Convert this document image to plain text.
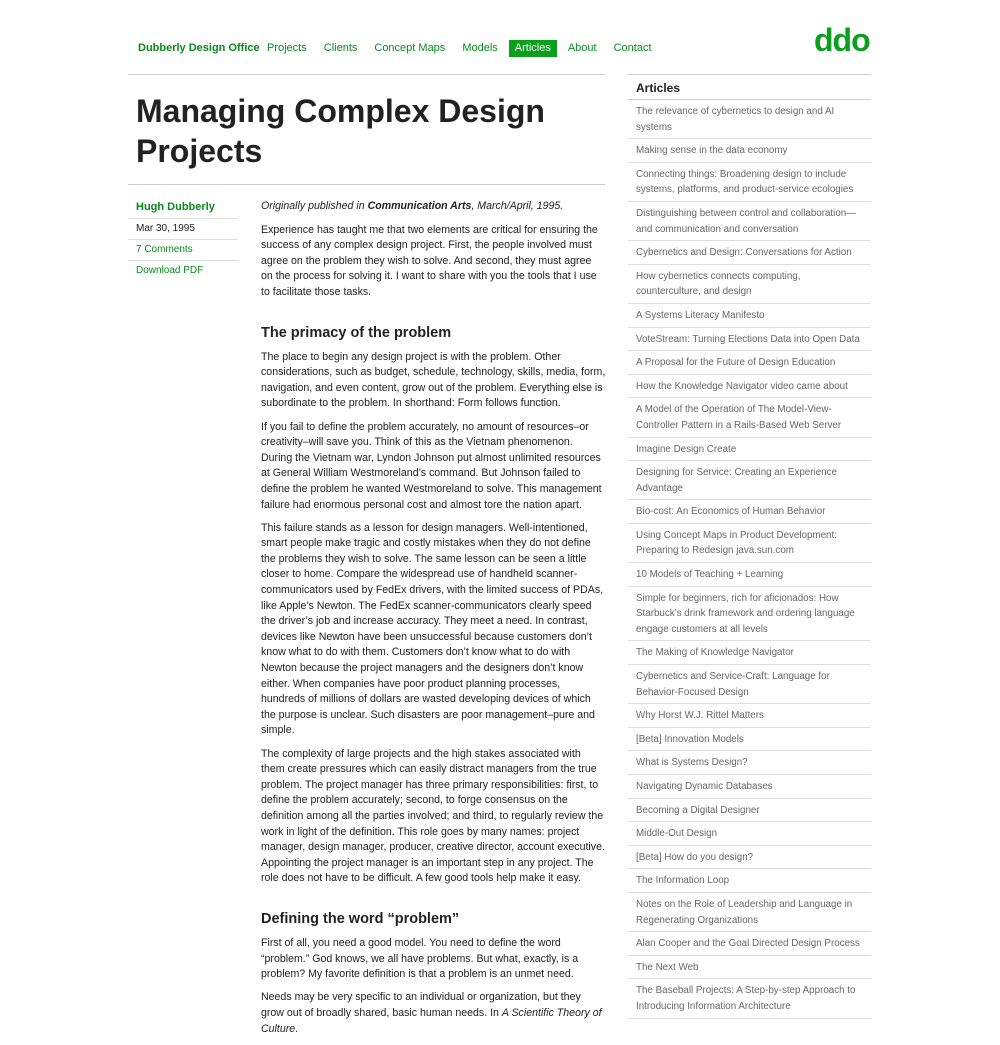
Dubberly Design Office Projects	Clients	Concept Maps	Models	Articles	About	Contact	ddo
Managing Complex Design Projects
Hugh Dubberly
Mar 30, 1995
7 Comments
Download PDF

Originally published in Communication Arts, March/April, 1995.

Experience has taught me that two elements are critical for ensuring the success of any complex design project. First, the people involved must agree on the problem they wish to solve. And second, they must agree on the process for solving it. I want to share with you the tools that I use to facilitate those tasks.

The primacy of the problem

The place to begin any design project is with the problem. Other considerations, such as budget, schedule, technology, skills, media, form, navigation, and even content, grow out of the problem. Everything else is subordinate to the problem. In shorthand: Form follows function.

If you fail to define the problem accurately, no amount of resources–or creativity–will save you. Think of this as the Vietnam phenomenon. During the Vietnam war, Lyndon Johnson put almost unlimited resources at General William Westmoreland’s command. But Johnson failed to define the problem he wanted Westmoreland to solve. This management failure had enormous personal cost and almost tore the nation apart.

This failure stands as a lesson for design managers. Well-intentioned, smart people make tragic and costly mistakes when they do not define the problems they wish to solve. The same lesson can be seen a little closer to home. Compare the widespread use of handheld scanner-communicators used by FedEx drivers, with the limited success of PDAs, like Apple’s Newton. The FedEx scanner-communicators clearly speed the driver’s job and increase accuracy. They meet a need. In contrast, devices like Newton have been unsuccessful because customers don’t know what to do with them. Customers don’t know what to do with Newton because the project managers and the designers don’t know either. When companies have poor product planning processes, hundreds of millions of dollars are wasted developing devices of which the purpose is unclear. Such disasters are poor management–pure and simple.

The complexity of large projects and the high stakes associated with them create pressures which can easily distract managers from the true problem. The project manager has three primary responsibilities: first, to define the problem accurately; second, to forge consensus on the definition among all the parties involved; and third, to regularly review the work in light of the definition. This role goes by many names: project manager, design manager, producer, creative director, account executive. Appointing the project manager is an important step in any project. The role does not have to be difficult. A few good tools help make it easy.

Defining the word “problem”

First of all, you need a good model. You need to define the word “problem.” God knows, we all have problems. But what, exactly, is a problem? My favorite definition is that a problem is an unmet need.

Needs may be very specific to an individual or organization, but they grow out of broadly shared, basic human needs. In A Scientific Theory of Culture.

Articles
The relevance of cybernetics to design and AI systems
Making sense in the data economy
Connecting things: Broadening design to include systems, platforms, and product-service ecologies
Distinguishing between control and collaboration—and communication and conversation
Cybernetics and Design: Conversations for Action
How cybernetics connects computing, counterculture, and design
A Systems Literacy Manifesto
VoteStream: Turning Elections Data into Open Data
A Proposal for the Future of Design Education
How the Knowledge Navigator video came about
A Model of the Operation of The Model-View-Controller Pattern in a Rails-Based Web Server
Imagine Design Create
Designing for Service: Creating an Experience Advantage
Bio-cost: An Economics of Human Behavior
Using Concept Maps in Product Development: Preparing to Redesign java.sun.com
10 Models of Teaching + Learning
Simple for beginners, rich for aficionados: How Starbuck’s drink framework and ordering language engage customers at all levels
The Making of Knowledge Navigator
Cybernetics and Service-Craft: Language for Behavior-Focused Design
Why Horst W.J. Rittel Matters
[Beta] Innovation Models
What is Systems Design?
Navigating Dynamic Databases
Becoming a Digital Designer
Middle-Out Design
[Beta] How do you design?
The Information Loop
Notes on the Role of Leadership and Language in Regenerating Organizations
Alan Cooper and the Goal Directed Design Process
The Next Web
The Baseball Projects: A Step-by-step Approach to Introducing Information Architecture
